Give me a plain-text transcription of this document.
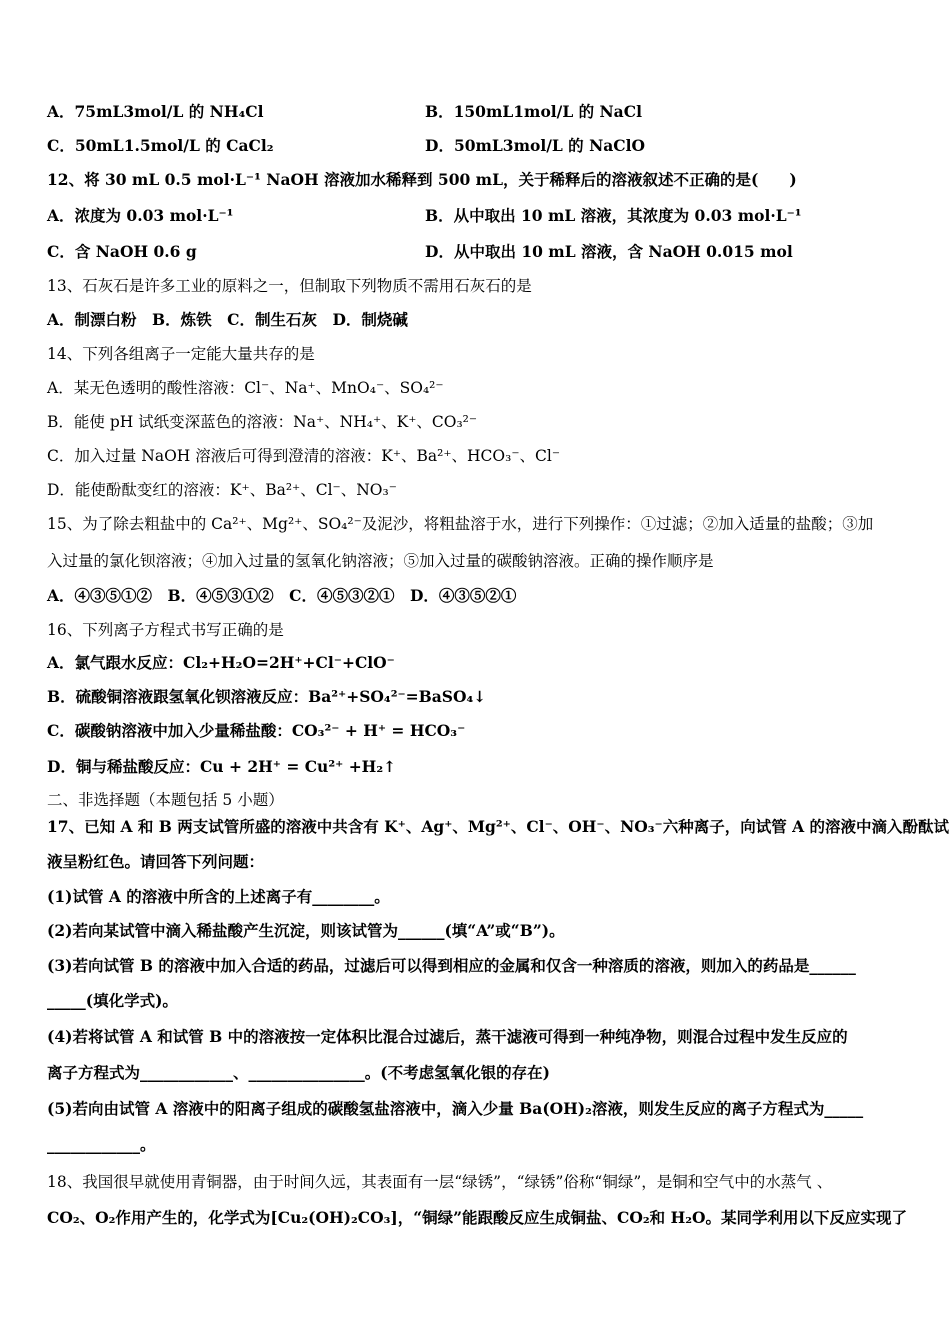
A．75mL3mol/L 的 NH₄Cl	B．150mL1mol/L 的 NaCl
C．50mL1.5mol/L 的 CaCl₂	D．50mL3mol/L 的 NaClO
12、将 30 mL 0.5 mol·L⁻¹ NaOH 溶液加水稀释到 500 mL，关于稀释后的溶液叙述不正确的是(　　)
A．浓度为 0.03 mol·L⁻¹	B．从中取出 10 mL 溶液，其浓度为 0.03 mol·L⁻¹
C．含 NaOH 0.6 g	D．从中取出 10 mL 溶液，含 NaOH 0.015 mol
13、石灰石是许多工业的原料之一，但制取下列物质不需用石灰石的是
A．制漂白粉　B．炼铁　C．制生石灰　D．制烧碱
14、下列各组离子一定能大量共存的是
A．某无色透明的酸性溶液：Cl⁻、Na⁺、MnO₄⁻、SO₄²⁻
B．能使 pH 试纸变深蓝色的溶液：Na⁺、NH₄⁺、K⁺、CO₃²⁻
C．加入过量 NaOH 溶液后可得到澄清的溶液：K⁺、Ba²⁺、HCO₃⁻、Cl⁻
D．能使酚酞变红的溶液：K⁺、Ba²⁺、Cl⁻、NO₃⁻
15、为了除去粗盐中的 Ca²⁺、Mg²⁺、SO₄²⁻及泥沙，将粗盐溶于水，进行下列操作：①过滤；②加入适量的盐酸；③加
入过量的氯化钡溶液；④加入过量的氢氧化钠溶液；⑤加入过量的碳酸钠溶液。正确的操作顺序是
A．④③⑤①②　B．④⑤③①②　C．④⑤③②①　D．④③⑤②①
16、下列离子方程式书写正确的是
A．氯气跟水反应：Cl₂+H₂O=2H⁺+Cl⁻+ClO⁻
B．硫酸铜溶液跟氢氧化钡溶液反应：Ba²⁺+SO₄²⁻=BaSO₄↓
C．碳酸钠溶液中加入少量稀盐酸：CO₃²⁻ + H⁺ = HCO₃⁻
D．铜与稀盐酸反应：Cu + 2H⁺ = Cu²⁺ +H₂↑
二、非选择题（本题包括 5 小题）
17、已知 A 和 B 两支试管所盛的溶液中共含有 K⁺、Ag⁺、Mg²⁺、Cl⁻、OH⁻、NO₃⁻六种离子，向试管 A 的溶液中滴入酚酞试
液呈粉红色。请回答下列问题：
(1)试管 A 的溶液中所含的上述离子有________。
(2)若向某试管中滴入稀盐酸产生沉淀，则该试管为______(填“A”或“B”)。
(3)若向试管 B 的溶液中加入合适的药品，过滤后可以得到相应的金属和仅含一种溶质的溶液，则加入的药品是______
_____(填化学式)。
(4)若将试管 A 和试管 B 中的溶液按一定体积比混合过滤后，蒸干滤液可得到一种纯净物，则混合过程中发生反应的
离子方程式为____________、_______________。(不考虑氢氧化银的存在)
(5)若向由试管 A 溶液中的阳离子组成的碳酸氢盐溶液中，滴入少量 Ba(OH)₂溶液，则发生反应的离子方程式为_____
____________。
18、我国很早就使用青铜器，由于时间久远，其表面有一层“绿锈”，“绿锈”俗称“铜绿”，是铜和空气中的水蒸气 、
CO₂、O₂作用产生的，化学式为[Cu₂(OH)₂CO₃]，“铜绿”能跟酸反应生成铜盐、CO₂和 H₂O。某同学利用以下反应实现了
